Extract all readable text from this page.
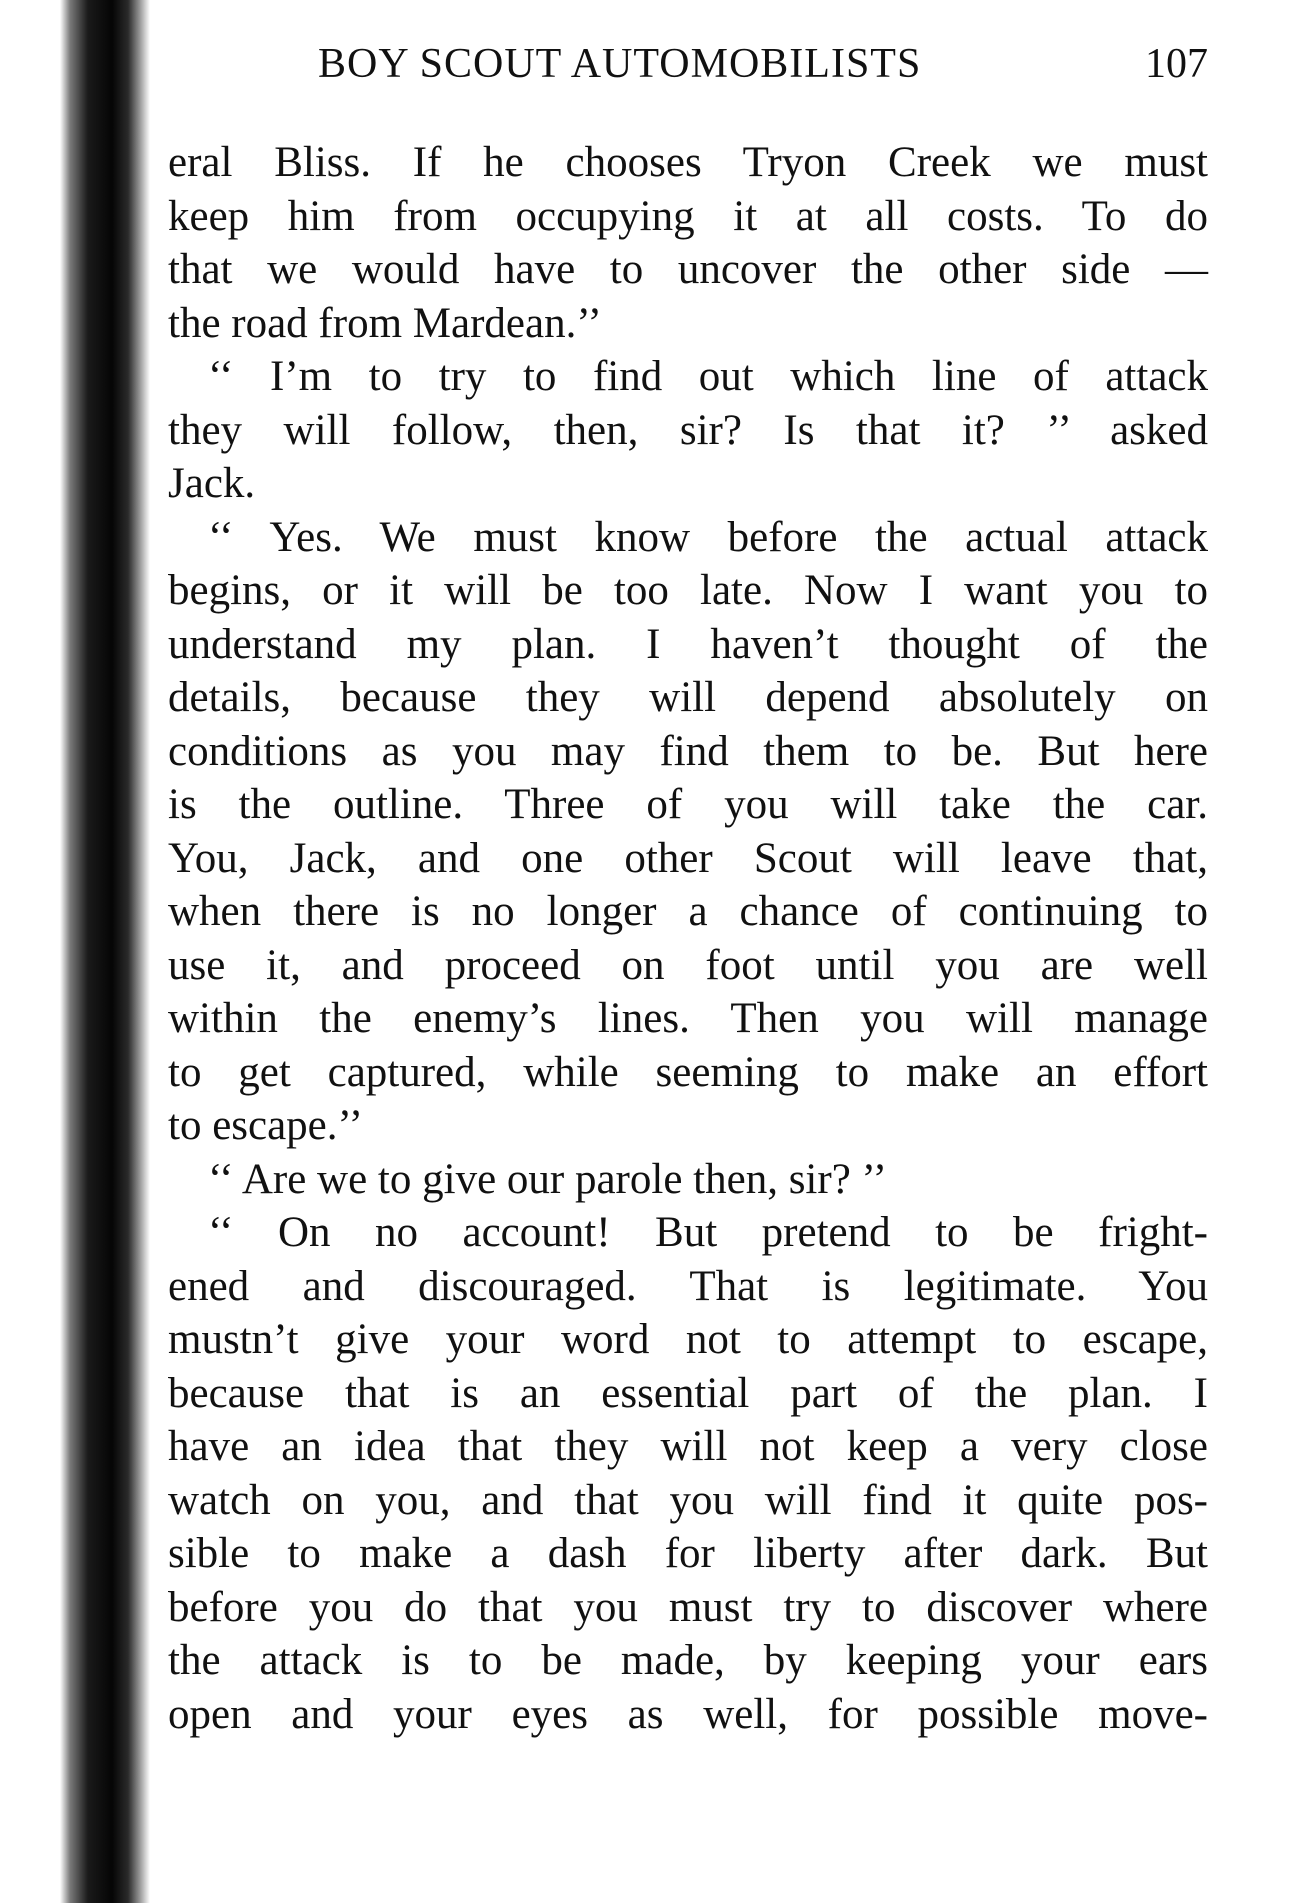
BOY SCOUT AUTOMOBILISTS	107
eral Bliss. If he chooses Tryon Creek we must
keep him from occupying it at all costs. To do
that we would have to uncover the other side —
the road from Mardean.’’
‘‘ I’m to try to find out which line of attack
they will follow, then, sir? Is that it? ’’ asked
Jack.
‘‘ Yes. We must know before the actual attack
begins, or it will be too late. Now I want you to
understand my plan. I haven’t thought of the
details, because they will depend absolutely on
conditions as you may find them to be. But here
is the outline. Three of you will take the car.
You, Jack, and one other Scout will leave that,
when there is no longer a chance of continuing to
use it, and proceed on foot until you are well
within the enemy’s lines. Then you will manage
to get captured, while seeming to make an effort
to escape.’’
‘‘ Are we to give our parole then, sir? ’’
‘‘ On no account! But pretend to be fright-
ened and discouraged. That is legitimate. You
mustn’t give your word not to attempt to escape,
because that is an essential part of the plan. I
have an idea that they will not keep a very close
watch on you, and that you will find it quite pos-
sible to make a dash for liberty after dark. But
before you do that you must try to discover where
the attack is to be made, by keeping your ears
open and your eyes as well, for possible move-
